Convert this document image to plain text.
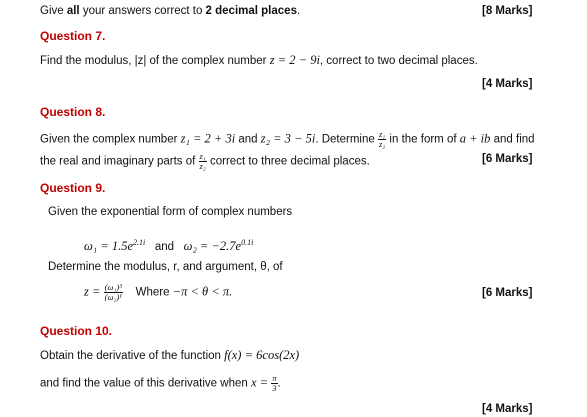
Give all your answers correct to 2 decimal places.	[8 Marks]
Question 7.
Find the modulus, |z| of the complex number z = 2 − 9i, correct to two decimal places.
[4 Marks]
Question 8.
Given the complex number z₁ = 2 + 3i and z₂ = 3 − 5i. Determine $\frac{\text{z₁}}{\text{z₂}}$ in the form of a + ib and find
the real and imaginary parts of $\frac{\text{z₁}}{\text{z₂}}$ correct to three decimal places.	[6 Marks]
Question 9.
Given the exponential form of complex numbers
$\omega_1 = 1.5e^{2.1i}$ and $\omega_2 = -2.7e^{0.1i}$
Determine the modulus, r, and argument, θ, of
$z = \frac{\text{(ω₁)³}}{\text{(ω₂)¹}}$ Where −π < θ < π.	[6 Marks]
Question 10.
Obtain the derivative of the function f(x) = 6cos(2x)
and find the value of this derivative when $x = \frac{\pi}{3}$ .
[4 Marks]
